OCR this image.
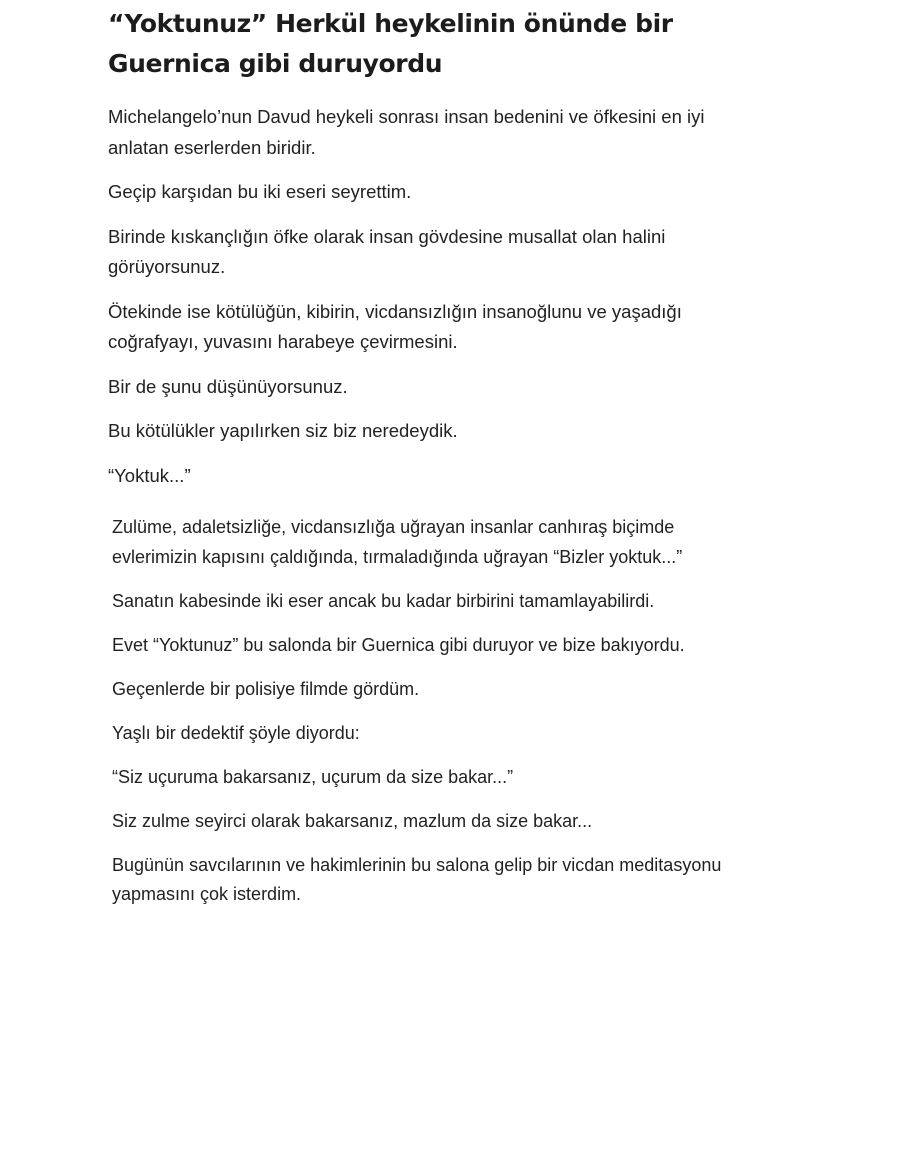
“Yoktunuz” Herkül heykelinin önünde bir
Guernica gibi duruyordu

Michelangelo’nun Davud heykeli sonrası insan bedenini ve öfkesini en iyi anlatan eserlerden biridir.

Geçip karşıdan bu iki eseri seyrettim.

Birinde kıskançlığın öfke olarak insan gövdesine musallat olan halini görüyorsunuz.

Ötekinde ise kötülüğün, kibirin, vicdansızlığın insanoğlunu ve yaşadığı coğrafyayı, yuvasını harabeye çevirmesini.

Bir de şunu düşünüyorsunuz.

Bu kötülükler yapılırken siz biz neredeydik.

“Yoktuk...”

Zulüme, adaletsizliğe, vicdansızlığa uğrayan insanlar canhıraş biçimde evlerimizin kapısını çaldığında, tırmaladığında uğrayan “Bizler yoktuk...”

Sanatın kabesinde iki eser ancak bu kadar birbirini tamamlayabilirdi.

Evet “Yoktunuz” bu salonda bir Guernica gibi duruyor ve bize bakıyordu.

Geçenlerde bir polisiye filmde gördüm.

Yaşlı bir dedektif şöyle diyordu:

“Siz uçuruma bakarsanız, uçurum da size bakar...”

Siz zulme seyirci olarak bakarsanız, mazlum da size bakar...

Bugünün savcılarının ve hakimlerinin bu salona gelip bir vicdan meditasyonu yapmasını çok isterdim.
